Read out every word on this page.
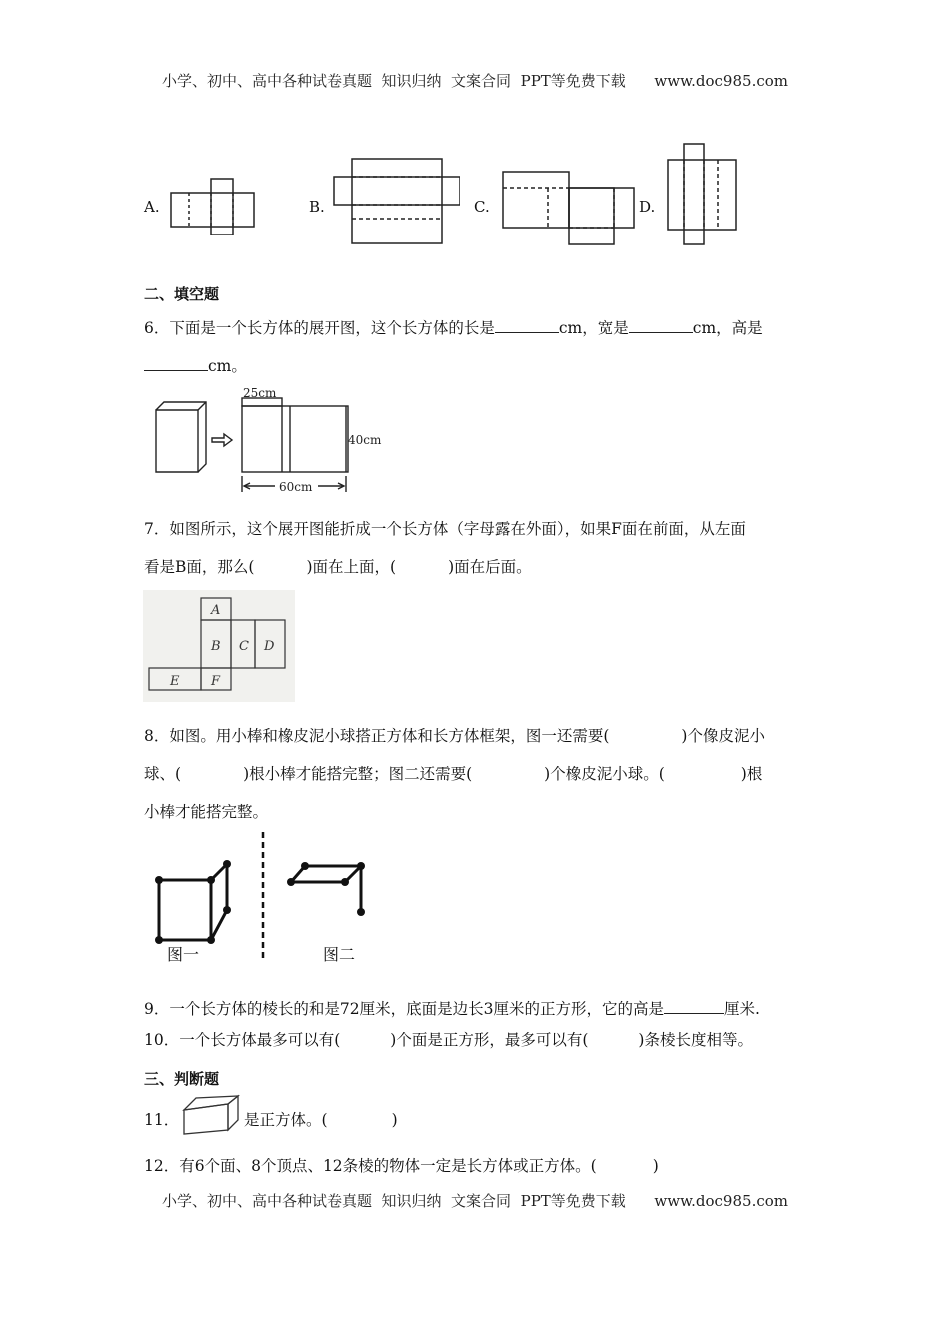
小学、初中、高中各种试卷真题  知识归纳  文案合同  PPT等免费下载      www.doc985.com
A.	B.	C.	D.
二、填空题
6．下面是一个长方体的展开图，这个长方体的长是	cm，宽是	cm，高是
cm。
25cm
40cm
60cm
7．如图所示，这个展开图能折成一个长方体（字母露在外面），如果F面在前面，从左面
看是B面，那么(	)面在上面，(	)面在后面。
A
B C D
E F
8．如图。用小棒和橡皮泥小球搭正方体和长方体框架，图一还需要(	)个像皮泥小
球、(	)根小棒才能搭完整；图二还需要(	)个橡皮泥小球。(	)根
小棒才能搭完整。
图一	图二
9．一个长方体的棱长的和是72厘米，底面是边长3厘米的正方形，它的高是	厘米.
10．一个长方体最多可以有(	)个面是正方形，最多可以有(	)条棱长度相等。
三、判断题
11．	是正方体。(	)
12．有6个面、8个顶点、12条棱的物体一定是长方体或正方体。(	)
小学、初中、高中各种试卷真题  知识归纳  文案合同  PPT等免费下载      www.doc985.com
